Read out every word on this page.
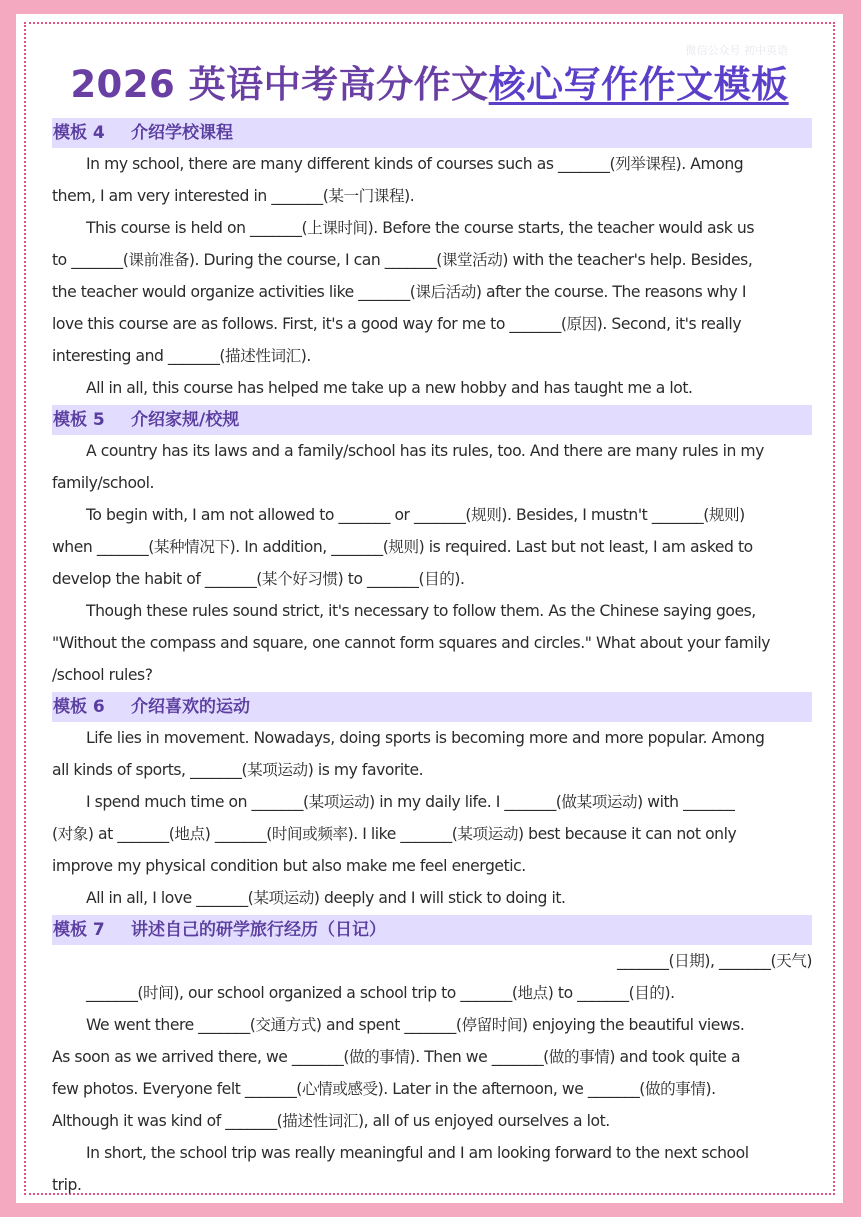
微信公众号 初中英语
2026 英语中考高分作文核心写作作文模板
模板 4 介绍学校课程
In my school, there are many different kinds of courses such as _______(列举课程). Among
them, I am very interested in _______(某一门课程).
This course is held on _______(上课时间). Before the course starts, the teacher would ask us
to _______(课前准备). During the course, I can _______(课堂活动) with the teacher's help. Besides,
the teacher would organize activities like _______(课后活动) after the course. The reasons why I
love this course are as follows. First, it's a good way for me to _______(原因). Second, it's really
interesting and _______(描述性词汇).
All in all, this course has helped me take up a new hobby and has taught me a lot.
模板 5 介绍家规/校规
A country has its laws and a family/school has its rules, too. And there are many rules in my
family/school.
To begin with, I am not allowed to _______ or _______(规则). Besides, I mustn't _______(规则)
when _______(某种情况下). In addition, _______(规则) is required. Last but not least, I am asked to
develop the habit of _______(某个好习惯) to _______(目的).
Though these rules sound strict, it's necessary to follow them. As the Chinese saying goes,
"Without the compass and square, one cannot form squares and circles." What about your family
/school rules?
模板 6 介绍喜欢的运动
Life lies in movement. Nowadays, doing sports is becoming more and more popular. Among
all kinds of sports, _______(某项运动) is my favorite.
I spend much time on _______(某项运动) in my daily life. I _______(做某项运动) with _______
(对象) at _______(地点) _______(时间或频率). I like _______(某项运动) best because it can not only
improve my physical condition but also make me feel energetic.
All in all, I love _______(某项运动) deeply and I will stick to doing it.
模板 7 讲述自己的研学旅行经历（日记）
_______(日期), _______(天气)
_______(时间), our school organized a school trip to _______(地点) to _______(目的).
We went there _______(交通方式) and spent _______(停留时间) enjoying the beautiful views.
As soon as we arrived there, we _______(做的事情). Then we _______(做的事情) and took quite a
few photos. Everyone felt _______(心情或感受). Later in the afternoon, we _______(做的事情).
Although it was kind of _______(描述性词汇), all of us enjoyed ourselves a lot.
In short, the school trip was really meaningful and I am looking forward to the next school
trip.
